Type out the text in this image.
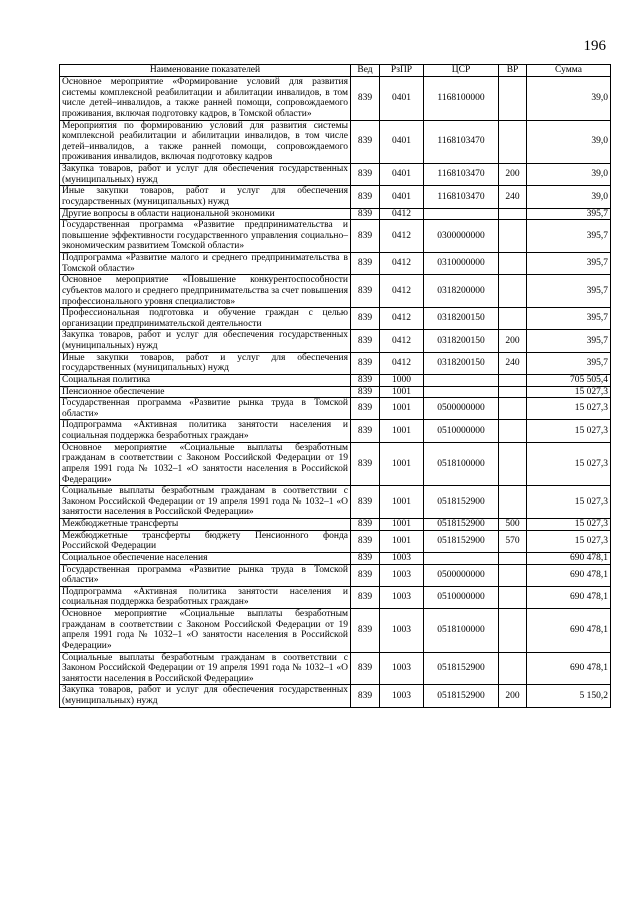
196
Наименование показателей	Вед	РзПР	ЦСР	ВР	Сумма
Основное мероприятие «Формирование условий для развития системы комплексной реабилитации и абилитации инвалидов, в том числе детей–инвалидов, а также ранней помощи, сопровождаемого проживания, включая подготовку кадров, в Томской области»	839	0401	1168100000		39,0
Мероприятия по формированию условий для развития системы комплексной реабилитации и абилитации инвалидов, в том числе детей–инвалидов, а также ранней помощи, сопровождаемого проживания инвалидов, включая подготовку кадров	839	0401	1168103470		39,0
Закупка товаров, работ и услуг для обеспечения государственных (муниципальных) нужд	839	0401	1168103470	200	39,0
Иные закупки товаров, работ и услуг для обеспечения государственных (муниципальных) нужд	839	0401	1168103470	240	39,0
Другие вопросы в области национальной экономики	839	0412			395,7
Государственная программа «Развитие предпринимательства и повышение эффективности государственного управления социально–экономическим развитием Томской области»	839	0412	0300000000		395,7
Подпрограмма «Развитие малого и среднего предпринимательства в Томской области»	839	0412	0310000000		395,7
Основное мероприятие «Повышение конкурентоспособности субъектов малого и среднего предпринимательства за счет повышения профессионального уровня специалистов»	839	0412	0318200000		395,7
Профессиональная подготовка и обучение граждан с целью организации предпринимательской деятельности	839	0412	0318200150		395,7
Закупка товаров, работ и услуг для обеспечения государственных (муниципальных) нужд	839	0412	0318200150	200	395,7
Иные закупки товаров, работ и услуг для обеспечения государственных (муниципальных) нужд	839	0412	0318200150	240	395,7
Социальная политика	839	1000			705 505,4
Пенсионное обеспечение	839	1001			15 027,3
Государственная программа «Развитие рынка труда в Томской области»	839	1001	0500000000		15 027,3
Подпрограмма «Активная политика занятости населения и социальная поддержка безработных граждан»	839	1001	0510000000		15 027,3
Основное мероприятие «Социальные выплаты безработным гражданам в соответствии с Законом Российской Федерации от 19 апреля 1991 года № 1032–1 «О занятости населения в Российской Федерации»	839	1001	0518100000		15 027,3
Социальные выплаты безработным гражданам в соответствии с Законом Российской Федерации от 19 апреля 1991 года № 1032–1 «О занятости населения в Российской Федерации»	839	1001	0518152900		15 027,3
Межбюджетные трансферты	839	1001	0518152900	500	15 027,3
Межбюджетные трансферты бюджету Пенсионного фонда Российской Федерации	839	1001	0518152900	570	15 027,3
Социальное обеспечение населения	839	1003			690 478,1
Государственная программа «Развитие рынка труда в Томской области»	839	1003	0500000000		690 478,1
Подпрограмма «Активная политика занятости населения и социальная поддержка безработных граждан»	839	1003	0510000000		690 478,1
Основное мероприятие «Социальные выплаты безработным гражданам в соответствии с Законом Российской Федерации от 19 апреля 1991 года № 1032–1 «О занятости населения в Российской Федерации»	839	1003	0518100000		690 478,1
Социальные выплаты безработным гражданам в соответствии с Законом Российской Федерации от 19 апреля 1991 года № 1032–1 «О занятости населения в Российской Федерации»	839	1003	0518152900		690 478,1
Закупка товаров, работ и услуг для обеспечения государственных (муниципальных) нужд	839	1003	0518152900	200	5 150,2
